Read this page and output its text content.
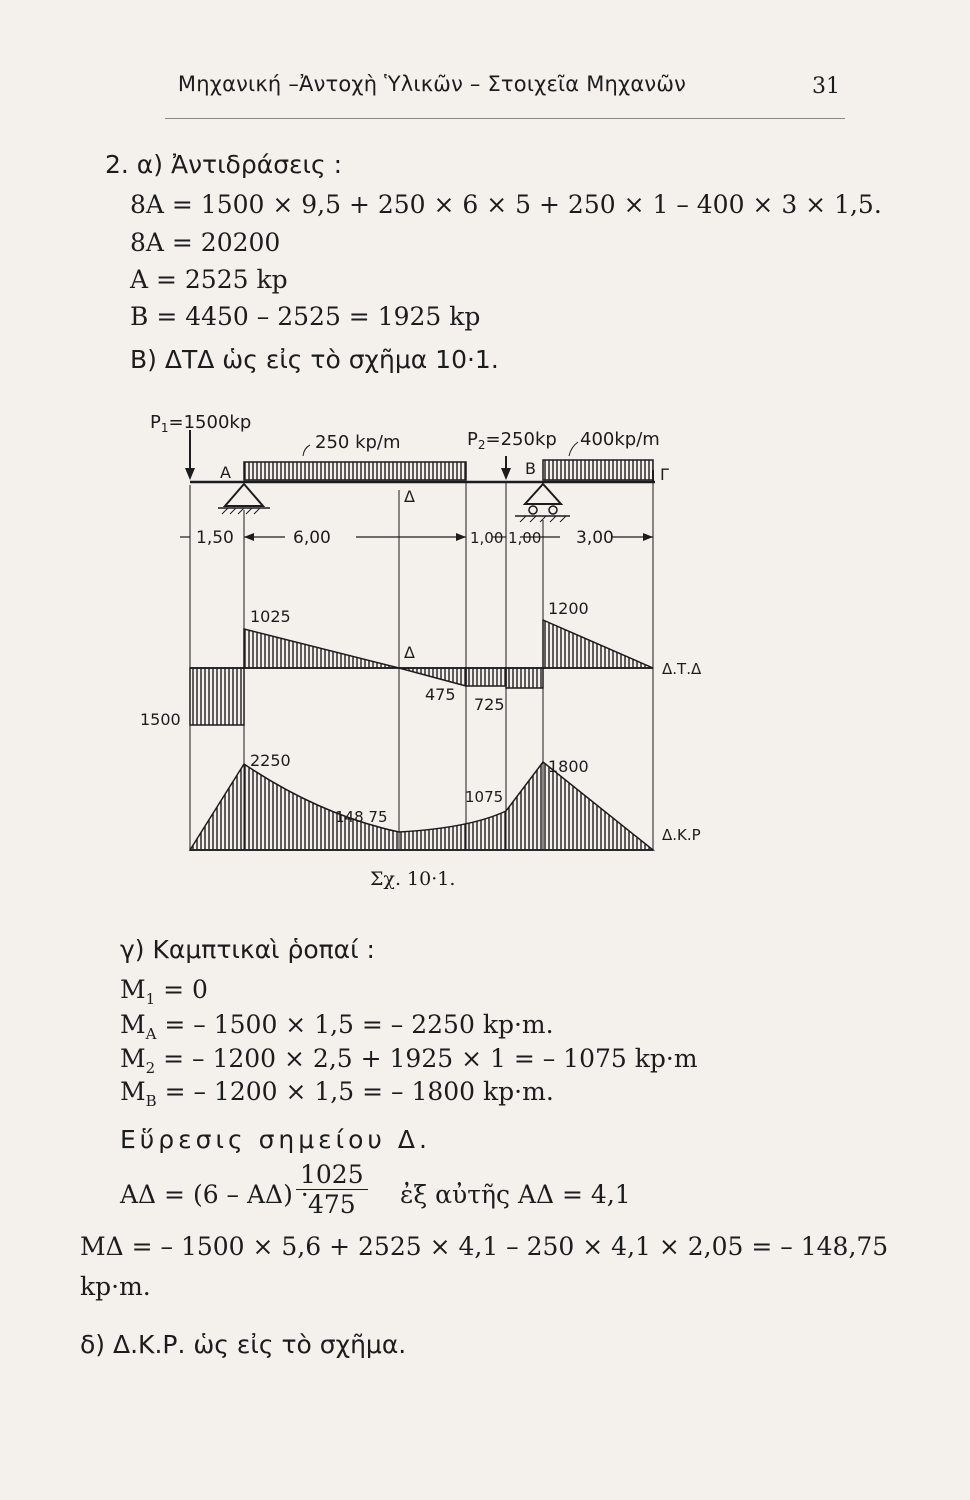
Μηχανική –Ἀντοχὴ Ὑλικῶν – Στοιχεῖα Μηχανῶν	31
2. α) Ἀντιδράσεις :
8A = 1500 × 9,5 + 250 × 6 × 5 + 250 × 1 – 400 × 3 × 1,5.
8A = 20200
A = 2525 kp
B = 4450 – 2525 = 1925 kp
B) ΔΤΔ ὡς εἰς τὸ σχῆμα 10·1.
$P_1=1500kp$
250 kp/m	$P_2=250kp$ 400kp/m
A	B	Γ
Δ
1,50	6,00	1,00 1,00 3,00
1025	1200
475
725
1500
Δ
Δ.Τ.Δ
2250	1800
1075
148 75
Δ.Κ.Ρ
Σχ. 10·1.
γ) Καμπτικαὶ ῥοπαί :
$M_1 = 0$
$M_A$ = – 1500 × 1,5 = – 2250 kp·m.
$M_2$ = – 1200 × 2,5 + 1925 × 1 = – 1075 kp·m
$M_B$ = – 1200 × 1,5 = – 1800 kp·m.
Εὕρεσις σημείου Δ.
AΔ = (6 – AΔ) ·
$\frac{1025}{475}$ ἐξ αὐτῆς AΔ = 4,1
MΔ = – 1500 × 5,6 + 2525 × 4,1 – 250 × 4,1 × 2,05 = – 148,75
kp·m.
δ) Δ.Κ.Ρ. ὡς εἰς τὸ σχῆμα.
